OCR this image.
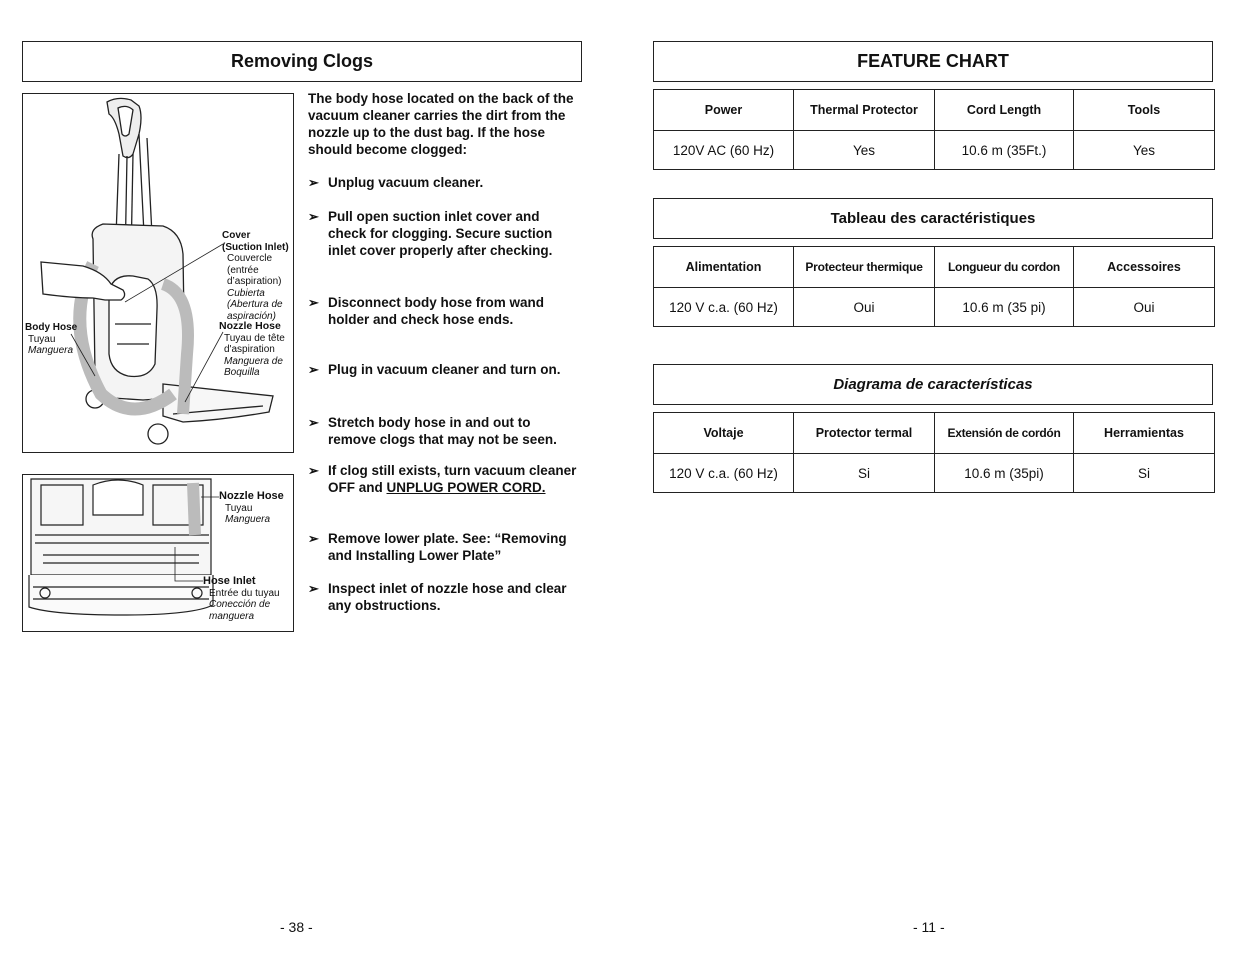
Removing Clogs
Cover
(Suction Inlet)
Couvercle
(entrée
d’aspiration)
Cubierta
(Abertura de
aspiración)
Body Hose
Tuyau
Manguera
Nozzle Hose
Tuyau de tête
d'aspiration
Manguera de
Boquilla
Nozzle Hose
Tuyau
Manguera
Hose Inlet
Entrée du tuyau
Conección de
manguera
The body hose located on the back of the vacuum cleaner carries the dirt from the nozzle up to the dust bag. If the hose should become clogged:
➢ Unplug vacuum cleaner.
➢ Pull open suction inlet cover and check for clogging. Secure suction inlet cover properly after checking.
➢ Disconnect body hose from wand holder and check hose ends.
➢ Plug in vacuum cleaner and turn on.
➢ Stretch body hose in and out to remove clogs that may not be seen.
➢ If clog still exists, turn vacuum cleaner OFF and UNPLUG POWER CORD.
➢ Remove lower plate. See: “Removing and Installing Lower Plate”
➢ Inspect inlet of nozzle hose and clear any obstructions.
- 38 -
FEATURE CHART
Power	Thermal Protector	Cord Length	Tools
120V AC (60 Hz)	Yes	10.6 m (35Ft.)	Yes
Tableau des caractéristiques
Alimentation	Protecteur thermique	Longueur du cordon	Accessoires
120 V c.a. (60 Hz)	Oui	10.6 m (35 pi)	Oui
Diagrama de características
Voltaje	Protector termal	Extensión de cordón	Herramientas
120 V c.a. (60 Hz)	Si	10.6 m (35pi)	Si
- 11 -
